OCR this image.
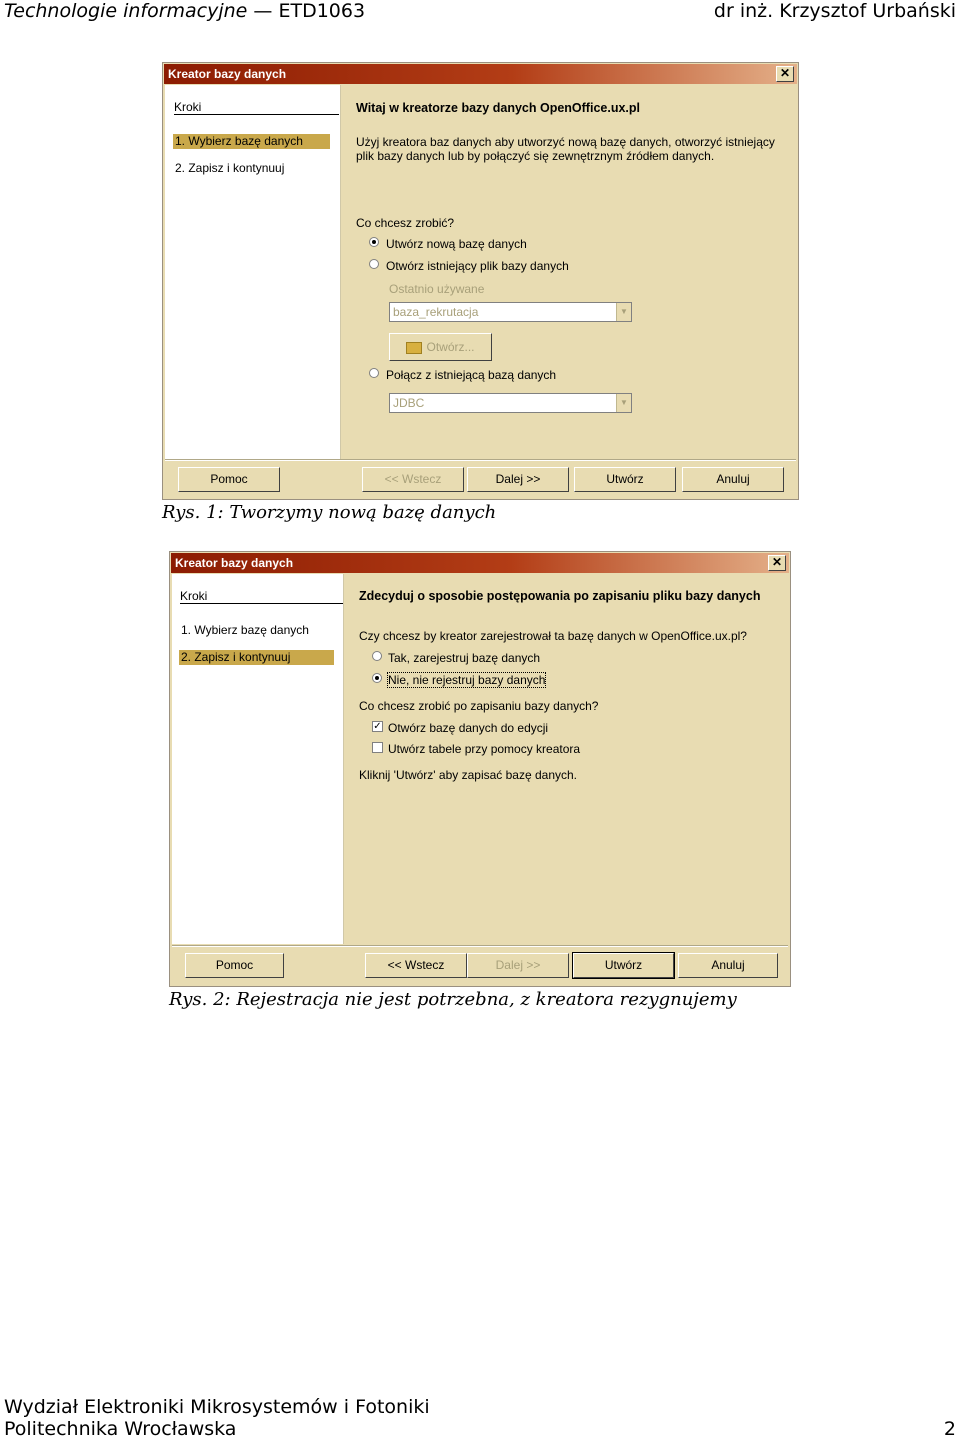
Technologie informacyjne — ETD1063	dr inż. Krzysztof Urbański
Kreator bazy danych	✕
Kroki
1. Wybierz bazę danych
2. Zapisz i kontynuuj
Witaj w kreatorze bazy danych OpenOffice.ux.pl
Użyj kreatora baz danych aby utworzyć nową bazę danych, otworzyć istniejący plik bazy danych lub by połączyć się zewnętrznym źródłem danych.
Co chcesz zrobić?
Utwórz nową bazę danych
Otwórz istniejący plik bazy danych
Ostatnio używane
baza_rekrutacja	▼
Otwórz...
Połącz z istniejącą bazą danych
JDBC	▼
Pomoc	<< Wstecz	Dalej >>	Utwórz	Anuluj
Rys. 1: Tworzymy nową bazę danych
Kreator bazy danych	✕
Kroki
1. Wybierz bazę danych
2. Zapisz i kontynuuj
Zdecyduj o sposobie postępowania po zapisaniu pliku bazy danych
Czy chcesz by kreator zarejestrował ta bazę danych w OpenOffice.ux.pl?
Tak, zarejestruj bazę danych
Nie, nie rejestruj bazy danych
Co chcesz zrobić po zapisaniu bazy danych?
✓ Otwórz bazę danych do edycji
Utwórz tabele przy pomocy kreatora
Kliknij 'Utwórz' aby zapisać bazę danych.
Pomoc	<< Wstecz	Dalej >>	Utwórz	Anuluj
Rys. 2: Rejestracja nie jest potrzebna, z kreatora rezygnujemy
Wydział Elektroniki Mikrosystemów i Fotoniki
Politechnika Wrocławska	2
